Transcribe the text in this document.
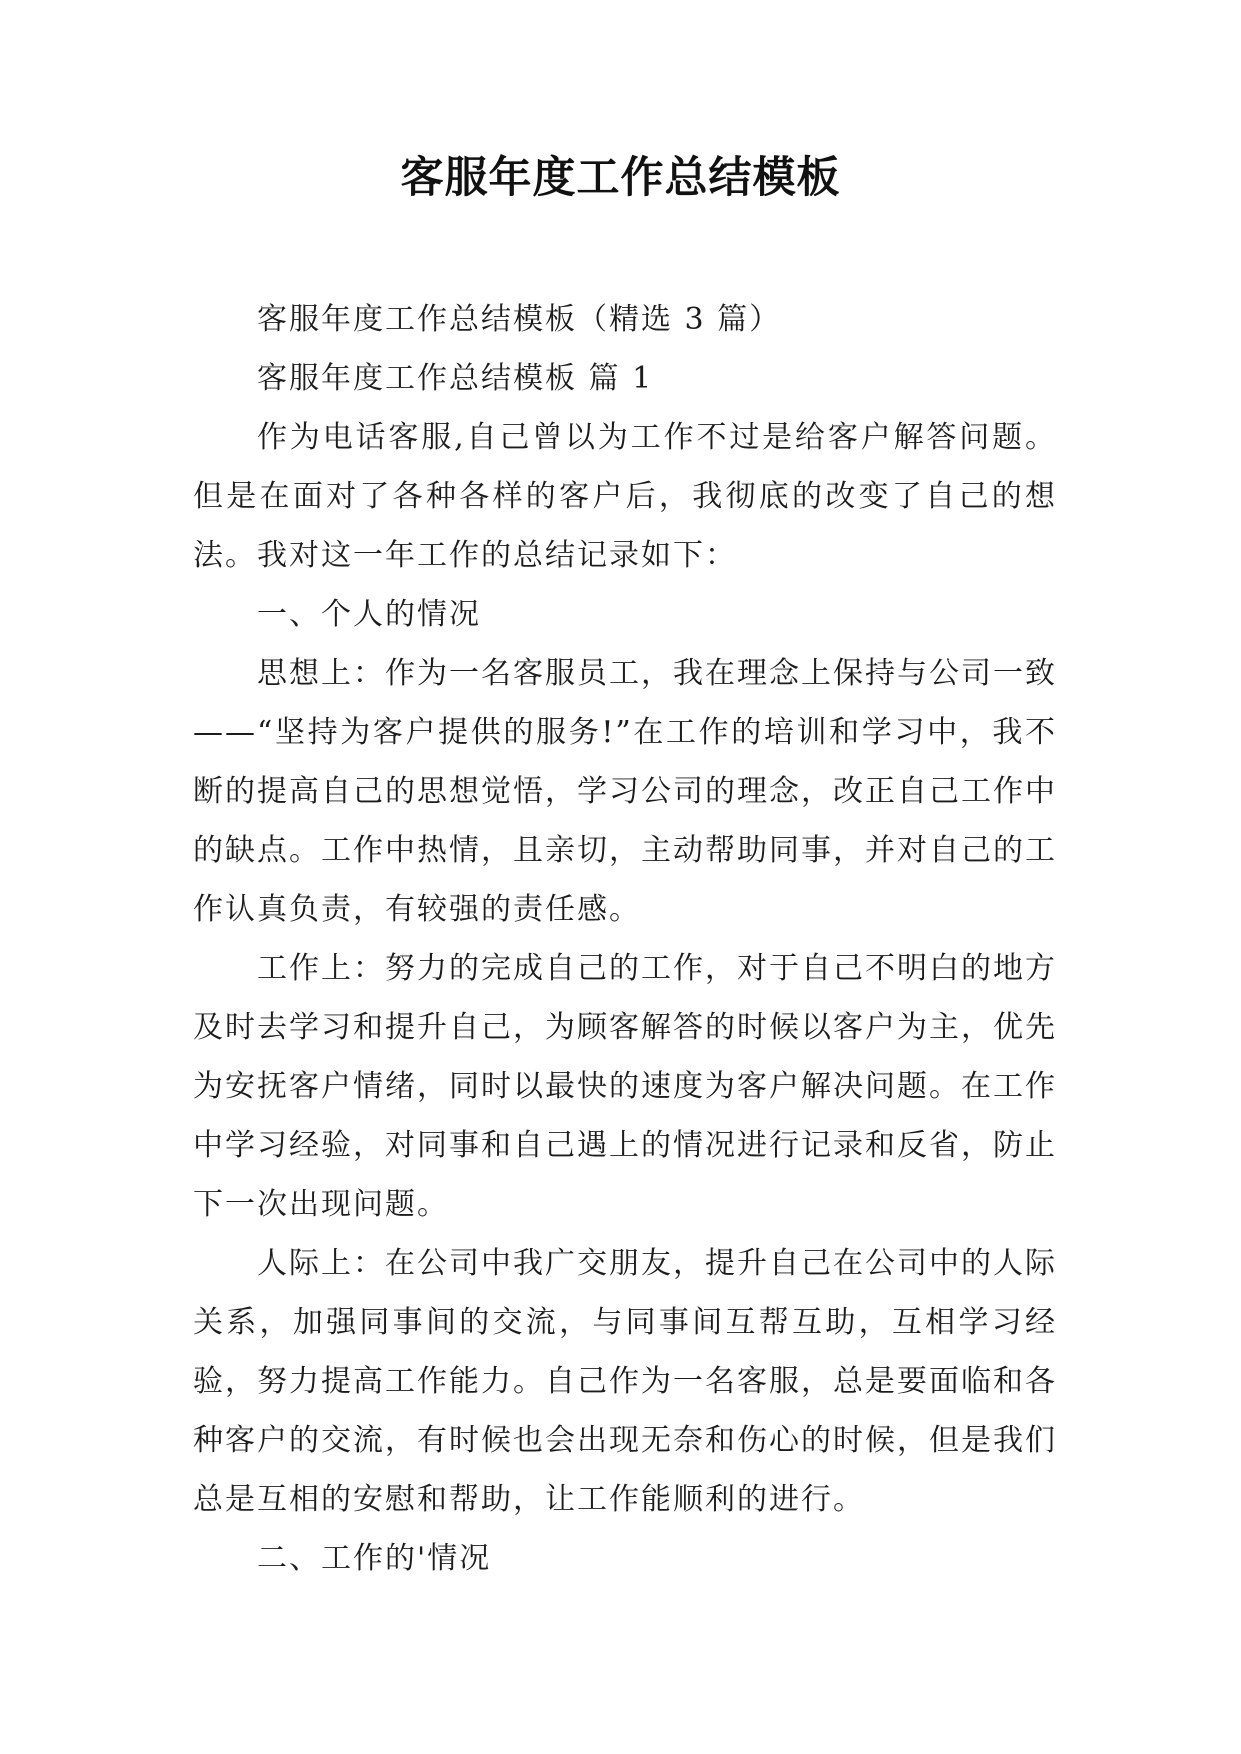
客服年度工作总结模板

客服年度工作总结模板（精选 3 篇）

客服年度工作总结模板 篇 1

作为电话客服,自己曾以为工作不过是给客户解答问题。但是在面对了各种各样的客户后，我彻底的改变了自己的想法。我对这一年工作的总结记录如下：

一、个人的情况

思想上：作为一名客服员工，我在理念上保持与公司一致——“坚持为客户提供的服务!”在工作的培训和学习中，我不断的提高自己的思想觉悟，学习公司的理念，改正自己工作中的缺点。工作中热情，且亲切，主动帮助同事，并对自己的工作认真负责，有较强的责任感。

工作上：努力的完成自己的工作，对于自己不明白的地方及时去学习和提升自己，为顾客解答的时候以客户为主，优先为安抚客户情绪，同时以最快的速度为客户解决问题。在工作中学习经验，对同事和自己遇上的情况进行记录和反省，防止下一次出现问题。

人际上：在公司中我广交朋友，提升自己在公司中的人际关系，加强同事间的交流，与同事间互帮互助，互相学习经验，努力提高工作能力。自己作为一名客服，总是要面临和各种客户的交流，有时候也会出现无奈和伤心的时候，但是我们总是互相的安慰和帮助，让工作能顺利的进行。

二、工作的'情况
